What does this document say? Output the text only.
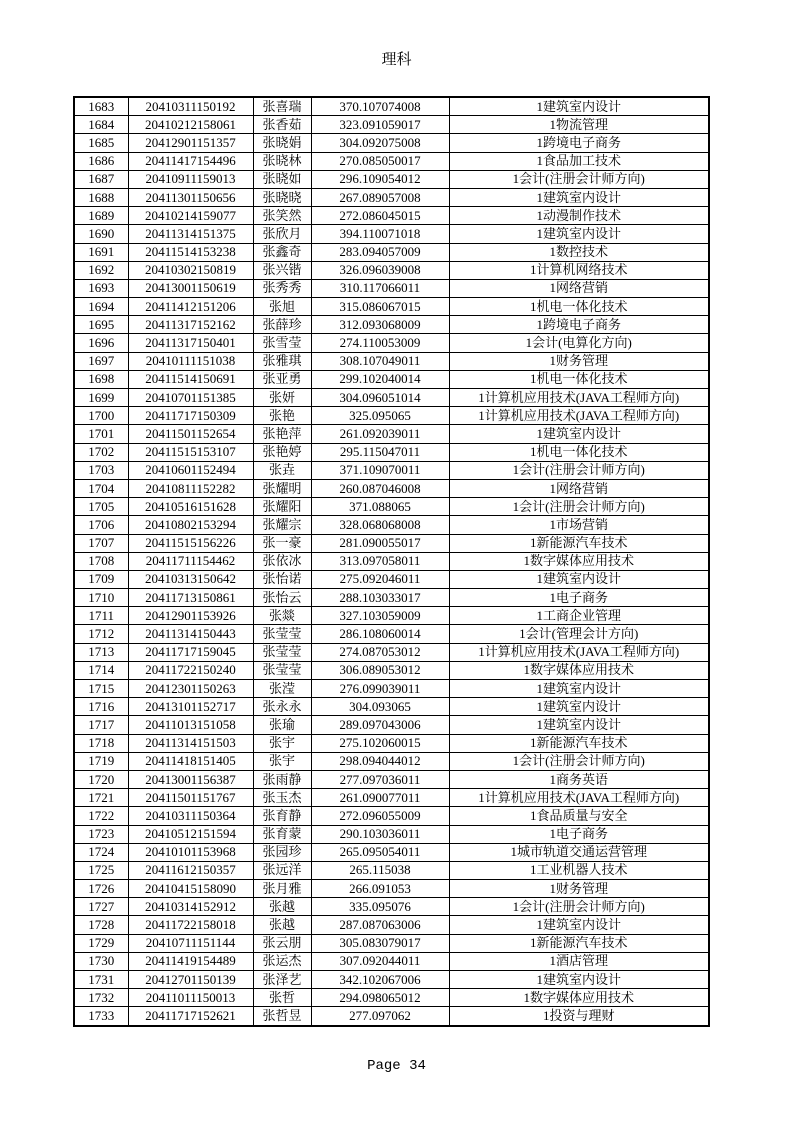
理科
1683	20410311150192	张喜瑞	370.107074008	1建筑室内设计
1684	20410212158061	张香茹	323.091059017	1物流管理
1685	20412901151357	张晓娟	304.092075008	1跨境电子商务
1686	20411417154496	张晓林	270.085050017	1食品加工技术
1687	20410911159013	张晓如	296.109054012	1会计(注册会计师方向)
1688	20411301150656	张晓晓	267.089057008	1建筑室内设计
1689	20410214159077	张笑然	272.086045015	1动漫制作技术
1690	20411314151375	张欣月	394.110071018	1建筑室内设计
1691	20411514153238	张鑫奇	283.094057009	1数控技术
1692	20410302150819	张兴锴	326.096039008	1计算机网络技术
1693	20413001150619	张秀秀	310.117066011	1网络营销
1694	20411412151206	张旭	315.086067015	1机电一体化技术
1695	20411317152162	张薛珍	312.093068009	1跨境电子商务
1696	20411317150401	张雪莹	274.110053009	1会计(电算化方向)
1697	20410111151038	张雅琪	308.107049011	1财务管理
1698	20411514150691	张亚勇	299.102040014	1机电一体化技术
1699	20410701151385	张妍	304.096051014	1计算机应用技术(JAVA工程师方向)
1700	20411717150309	张艳	325.095065	1计算机应用技术(JAVA工程师方向)
1701	20411501152654	张艳萍	261.092039011	1建筑室内设计
1702	20411515153107	张艳婷	295.115047011	1机电一体化技术
1703	20410601152494	张垚	371.109070011	1会计(注册会计师方向)
1704	20410811152282	张耀明	260.087046008	1网络营销
1705	20410516151628	张耀阳	371.088065	1会计(注册会计师方向)
1706	20410802153294	张耀宗	328.068068008	1市场营销
1707	20411515156226	张一豪	281.090055017	1新能源汽车技术
1708	20411711154462	张依冰	313.097058011	1数字媒体应用技术
1709	20410313150642	张怡诺	275.092046011	1建筑室内设计
1710	20411713150861	张怡云	288.103033017	1电子商务
1711	20412901153926	张燚	327.103059009	1工商企业管理
1712	20411314150443	张莹莹	286.108060014	1会计(管理会计方向)
1713	20411717159045	张莹莹	274.087053012	1计算机应用技术(JAVA工程师方向)
1714	20411722150240	张莹莹	306.089053012	1数字媒体应用技术
1715	20412301150263	张滢	276.099039011	1建筑室内设计
1716	20413101152717	张永永	304.093065	1建筑室内设计
1717	20411013151058	张瑜	289.097043006	1建筑室内设计
1718	20411314151503	张宇	275.102060015	1新能源汽车技术
1719	20411418151405	张宇	298.094044012	1会计(注册会计师方向)
1720	20413001156387	张雨静	277.097036011	1商务英语
1721	20411501151767	张玉杰	261.090077011	1计算机应用技术(JAVA工程师方向)
1722	20410311150364	张育静	272.096055009	1食品质量与安全
1723	20410512151594	张育蒙	290.103036011	1电子商务
1724	20410101153968	张园珍	265.095054011	1城市轨道交通运营管理
1725	20411612150357	张远洋	265.115038	1工业机器人技术
1726	20410415158090	张月雅	266.091053	1财务管理
1727	20410314152912	张越	335.095076	1会计(注册会计师方向)
1728	20411722158018	张越	287.087063006	1建筑室内设计
1729	20410711151144	张云朋	305.083079017	1新能源汽车技术
1730	20411419154489	张运杰	307.092044011	1酒店管理
1731	20412701150139	张泽艺	342.102067006	1建筑室内设计
1732	20411011150013	张哲	294.098065012	1数字媒体应用技术
1733	20411717152621	张哲昱	277.097062	1投资与理财
Page 34
